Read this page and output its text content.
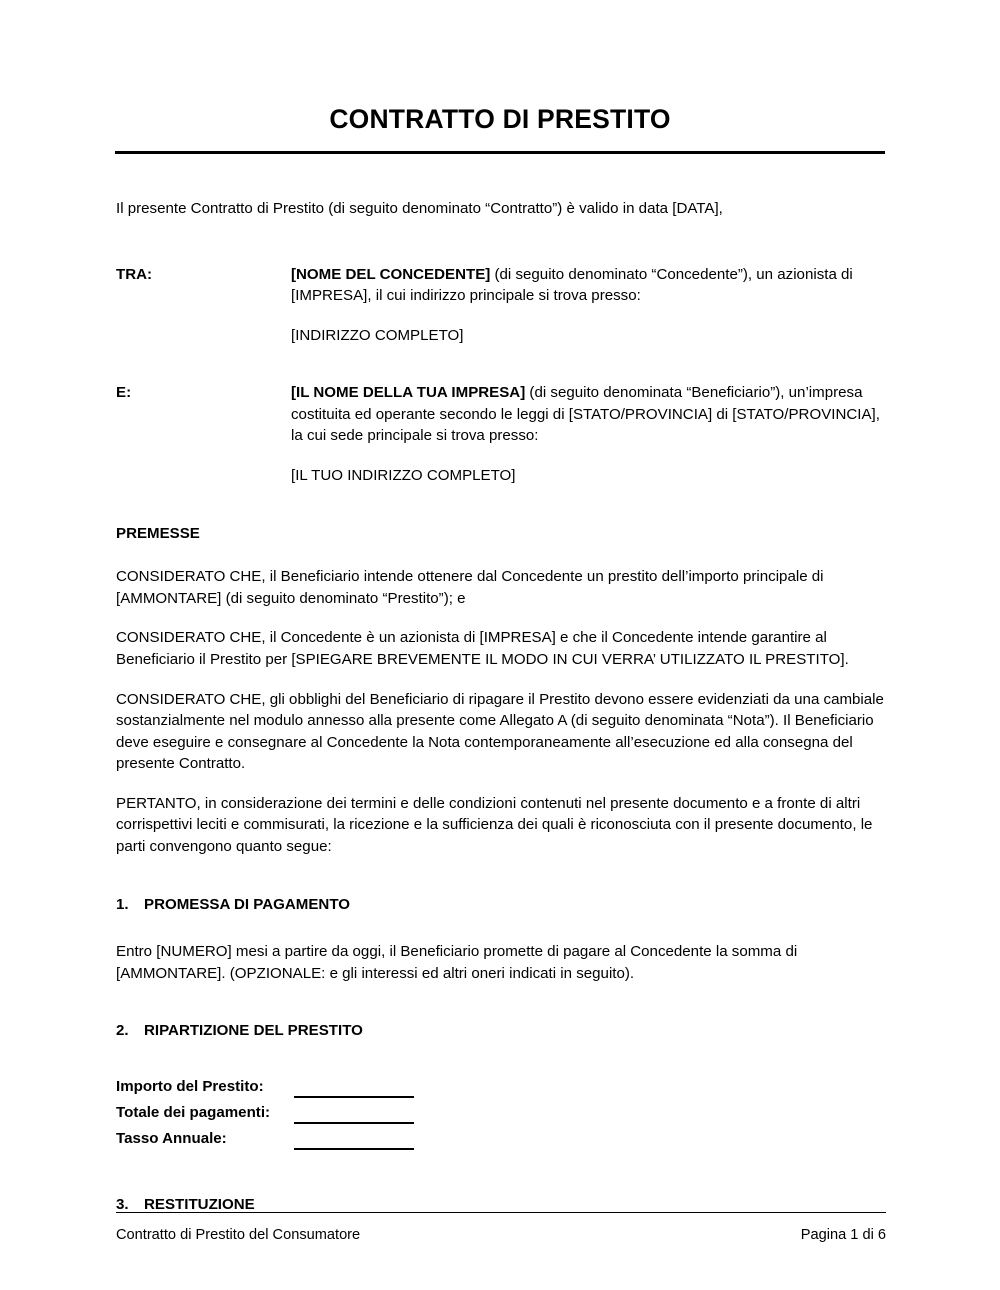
CONTRATTO DI PRESTITO

Il presente Contratto di Prestito (di seguito denominato “Contratto”) è valido in data [DATA],

TRA:	[NOME DEL CONCEDENTE] (di seguito denominato “Concedente”), un azionista di [IMPRESA], il cui indirizzo principale si trova presso:
[INDIRIZZO COMPLETO]
E:	[IL NOME DELLA TUA IMPRESA] (di seguito denominata “Beneficiario”), un’impresa costituita ed operante secondo le leggi di [STATO/PROVINCIA] di [STATO/PROVINCIA], la cui sede principale si trova presso:
[IL TUO INDIRIZZO COMPLETO]
PREMESSE

CONSIDERATO CHE, il Beneficiario intende ottenere dal Concedente un prestito dell’importo principale di [AMMONTARE] (di seguito denominato “Prestito”); e

CONSIDERATO CHE, il Concedente è un azionista di [IMPRESA] e che il Concedente intende garantire al Beneficiario il Prestito per [SPIEGARE BREVEMENTE IL MODO IN CUI VERRA’ UTILIZZATO IL PRESTITO].

CONSIDERATO CHE, gli obblighi del Beneficiario di ripagare il Prestito devono essere evidenziati da una cambiale sostanzialmente nel modulo annesso alla presente come Allegato A (di seguito denominata “Nota”). Il Beneficiario deve eseguire e consegnare al Concedente la Nota contemporaneamente all’esecuzione ed alla consegna del presente Contratto.

PERTANTO, in considerazione dei termini e delle condizioni contenuti nel presente documento e a fronte di altri corrispettivi leciti e commisurati, la ricezione e la sufficienza dei quali è riconosciuta con il presente documento, le parti convengono quanto segue:

1.	PROMESSA DI PAGAMENTO

Entro [NUMERO] mesi a partire da oggi, il Beneficiario promette di pagare al Concedente la somma di [AMMONTARE]. (OPZIONALE: e gli interessi ed altri oneri indicati in seguito).

2.	RIPARTIZIONE DEL PRESTITO
Importo del Prestito:
Totale dei pagamenti:
Tasso Annuale:
3.	RESTITUZIONE
Contratto di Prestito del Consumatore	Pagina 1 di 6
